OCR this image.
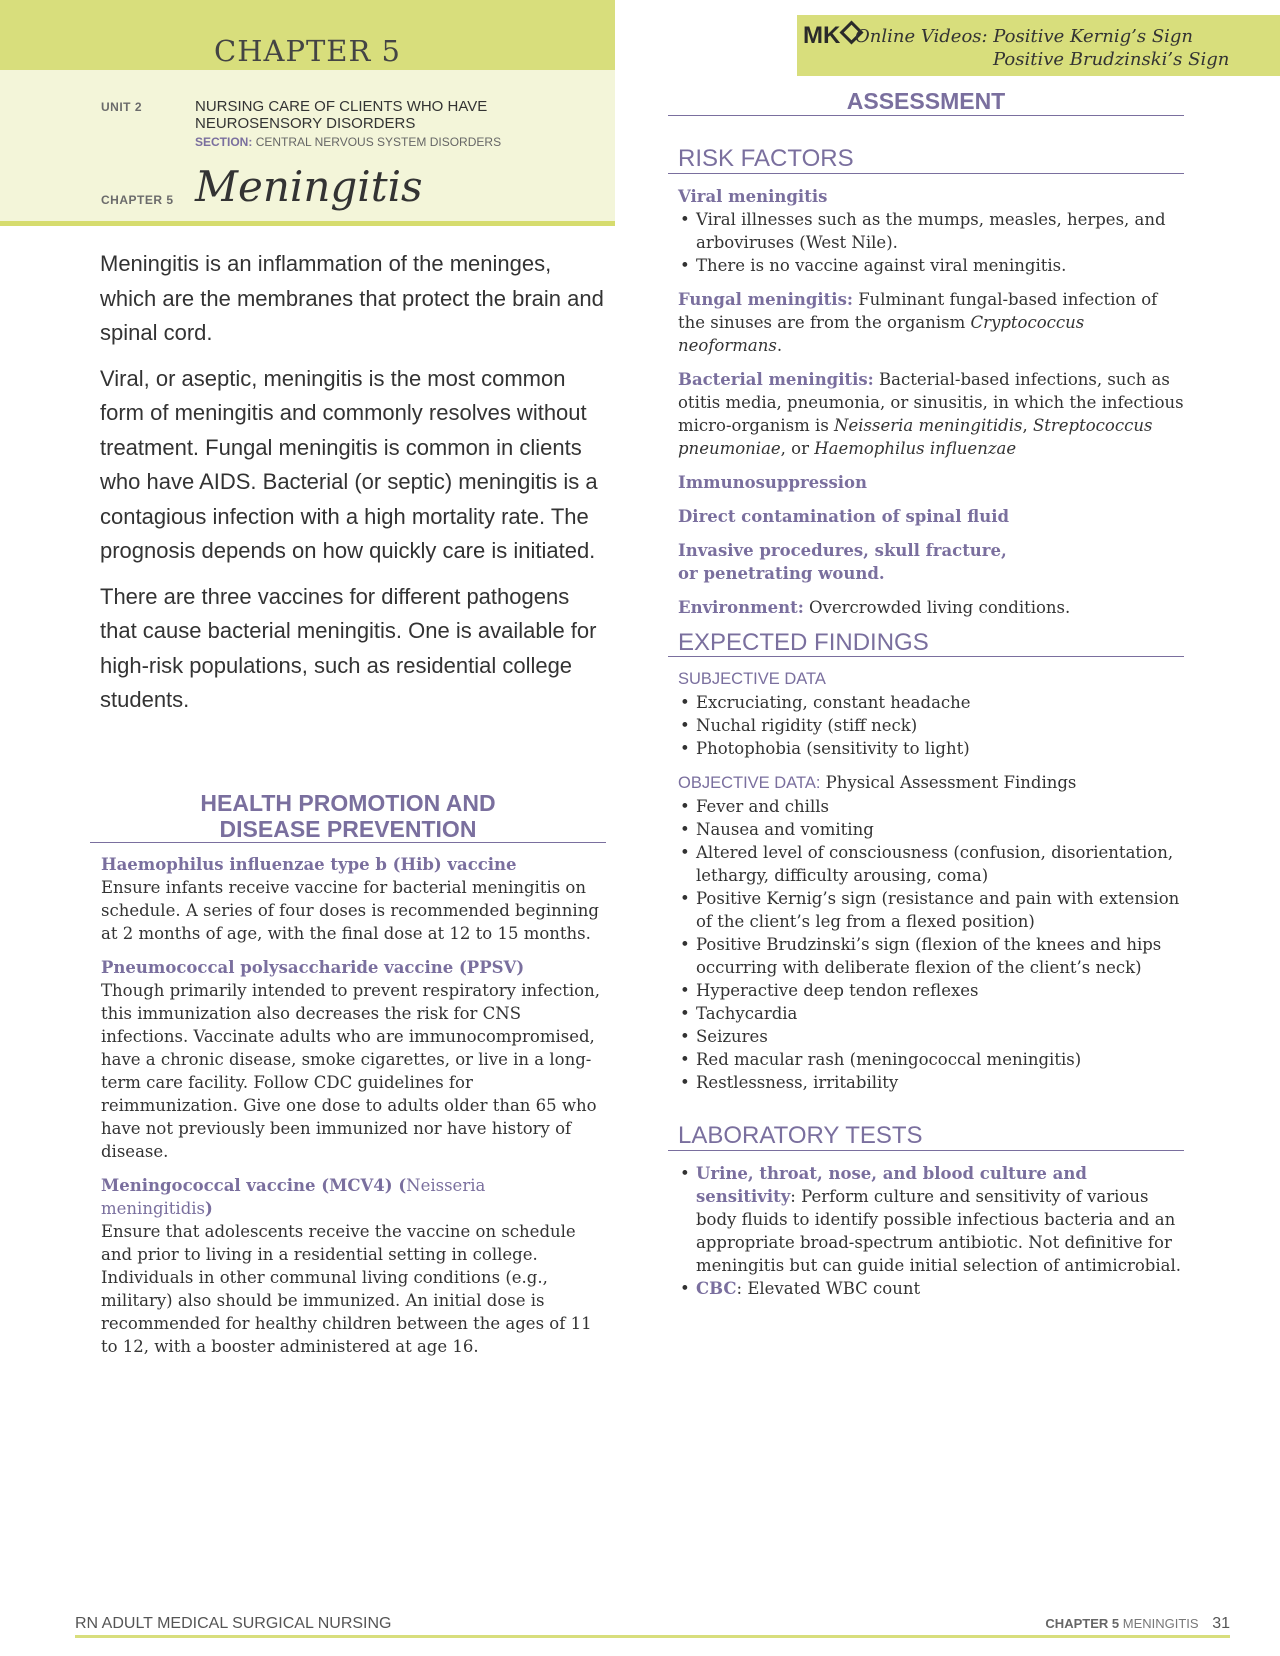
CHAPTER 5
UNIT 2	NURSING CARE OF CLIENTS WHO HAVE
NEUROSENSORY DISORDERS
SECTION: CENTRAL NERVOUS SYSTEM DISORDERS
CHAPTER 5 Meningitis
MK Online Videos: Positive Kernig’s Sign
Positive Brudzinski’s Sign

Meningitis is an inflammation of the meninges, which are the membranes that protect the brain and spinal cord.

Viral, or aseptic, meningitis is the most common form of meningitis and commonly resolves without treatment. Fungal meningitis is common in clients who have AIDS. Bacterial (or septic) meningitis is a contagious infection with a high mortality rate. The prognosis depends on how quickly care is initiated.

There are three vaccines for different pathogens that cause bacterial meningitis. One is available for high-risk populations, such as residential college students.

HEALTH PROMOTION AND
DISEASE PREVENTION
Haemophilus influenzae type b (Hib) vaccine
Ensure infants receive vaccine for bacterial meningitis on schedule. A series of four doses is recommended beginning at 2 months of age, with the final dose at 12 to 15 months.
Pneumococcal polysaccharide vaccine (PPSV)
Though primarily intended to prevent respiratory infection, this immunization also decreases the risk for CNS infections. Vaccinate adults who are immunocompromised, have a chronic disease, smoke cigarettes, or live in a long-term care facility. Follow CDC guidelines for reimmunization. Give one dose to adults older than 65 who have not previously been immunized nor have history of disease.
Meningococcal vaccine (MCV4) (Neisseria meningitidis)
Ensure that adolescents receive the vaccine on schedule and prior to living in a residential setting in college. Individuals in other communal living conditions (e.g., military) also should be immunized. An initial dose is recommended for healthy children between the ages of 11 to 12, with a booster administered at age 16.
ASSESSMENT
RISK FACTORS
Viral meningitis
• Viral illnesses such as the mumps, measles, herpes, and arboviruses (West Nile).
• There is no vaccine against viral meningitis.
Fungal meningitis: Fulminant fungal-based infection of the sinuses are from the organism Cryptococcus neoformans.
Bacterial meningitis: Bacterial-based infections, such as otitis media, pneumonia, or sinusitis, in which the infectious micro-organism is Neisseria meningitidis, Streptococcus pneumoniae, or Haemophilus influenzae
Immunosuppression
Direct contamination of spinal fluid
Invasive procedures, skull fracture, or penetrating wound.
Environment: Overcrowded living conditions.
EXPECTED FINDINGS
SUBJECTIVE DATA
• Excruciating, constant headache
• Nuchal rigidity (stiff neck)
• Photophobia (sensitivity to light)
OBJECTIVE DATA: Physical Assessment Findings
• Fever and chills
• Nausea and vomiting
• Altered level of consciousness (confusion, disorientation, lethargy, difficulty arousing, coma)
• Positive Kernig’s sign (resistance and pain with extension of the client’s leg from a flexed position)
• Positive Brudzinski’s sign (flexion of the knees and hips occurring with deliberate flexion of the client’s neck)
• Hyperactive deep tendon reflexes
• Tachycardia
• Seizures
• Red macular rash (meningococcal meningitis)
• Restlessness, irritability
LABORATORY TESTS
• Urine, throat, nose, and blood culture and sensitivity: Perform culture and sensitivity of various body fluids to identify possible infectious bacteria and an appropriate broad-spectrum antibiotic. Not definitive for meningitis but can guide initial selection of antimicrobial.
• CBC: Elevated WBC count
RN ADULT MEDICAL SURGICAL NURSING	CHAPTER 5 MENINGITIS 31
